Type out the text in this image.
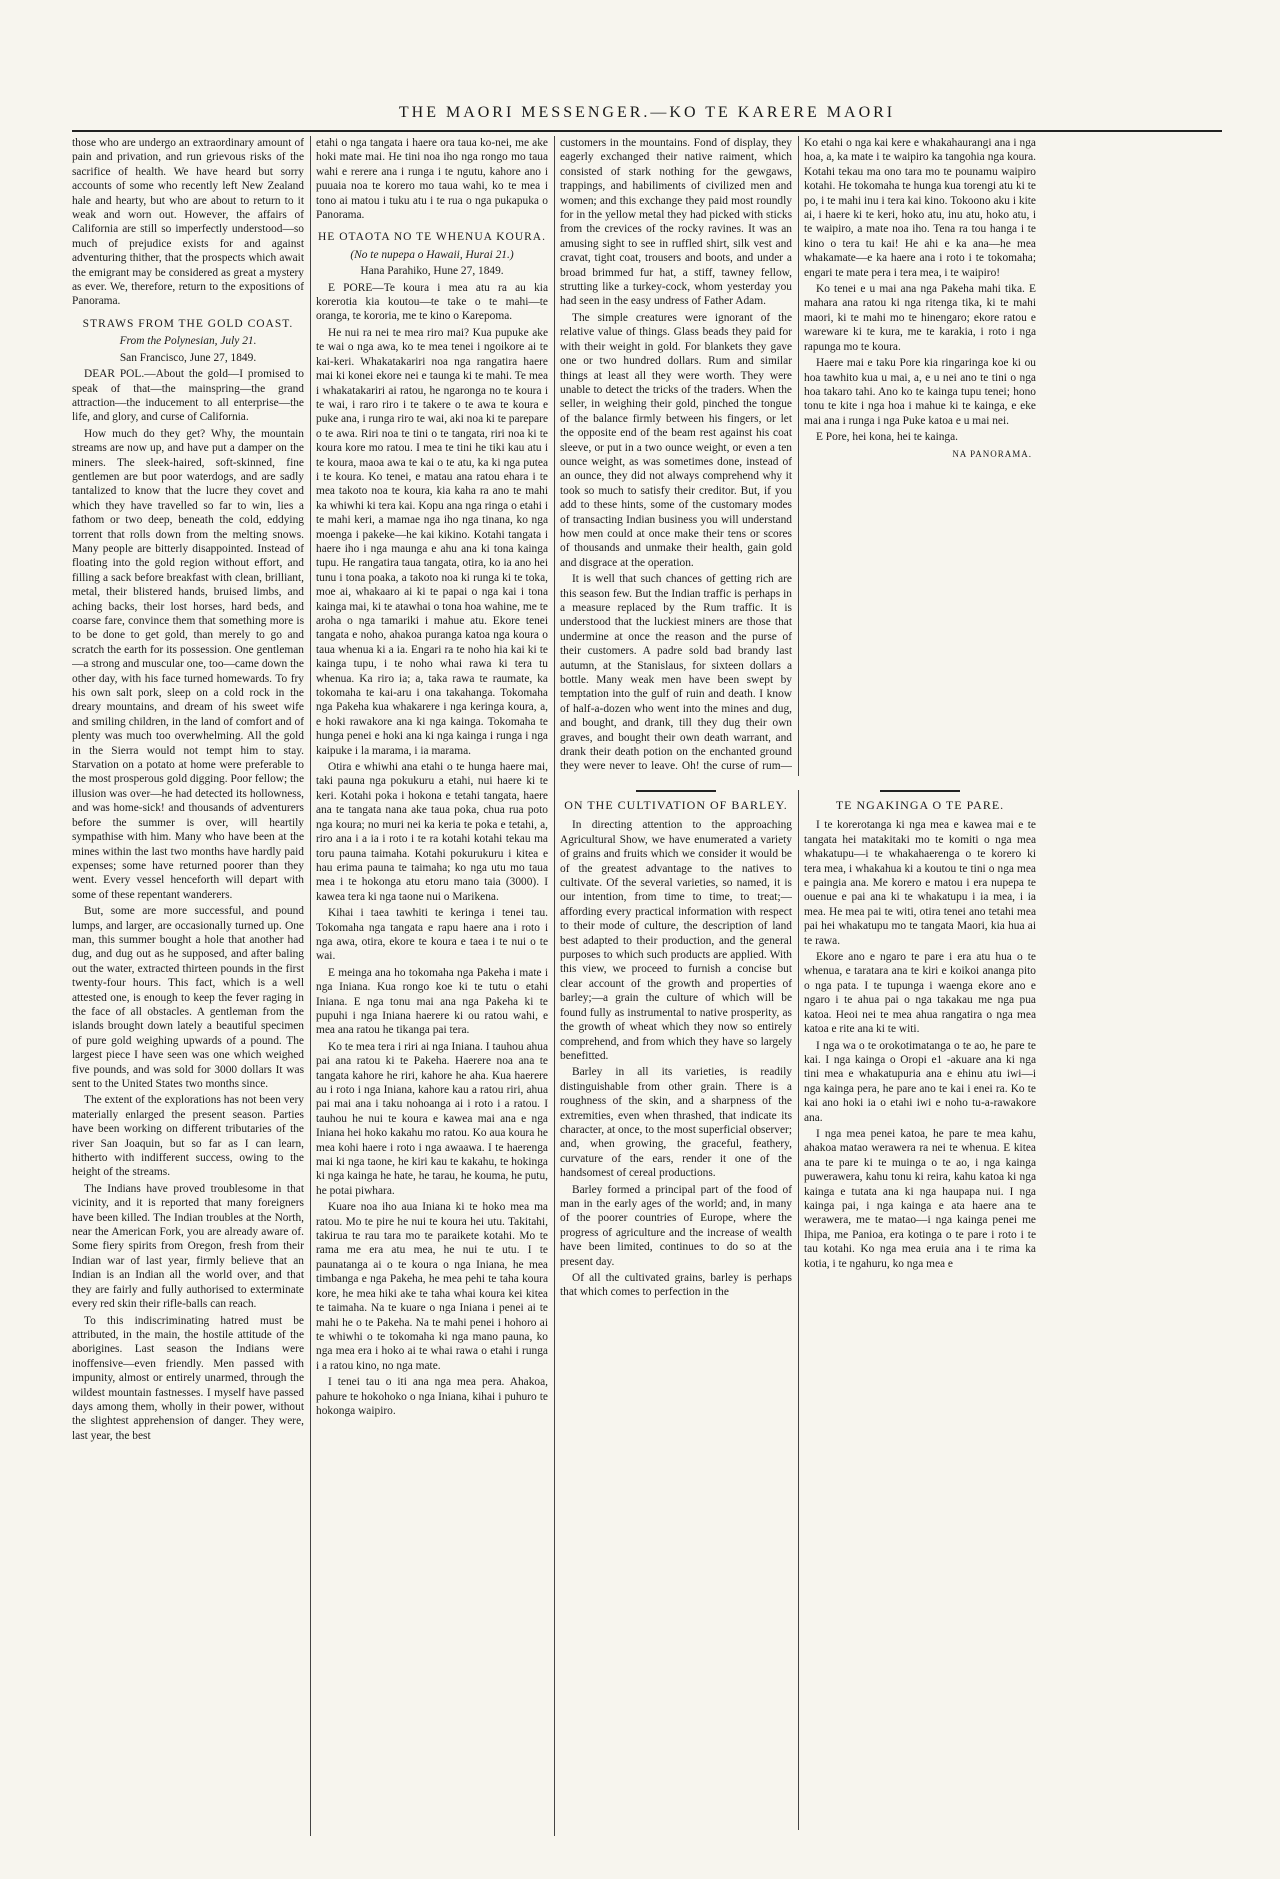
THE MAORI MESSENGER.—KO TE KARERE MAORI

those who are undergo an extraordinary amount of pain and privation, and run grievous risks of the sacrifice of health. We have heard but sorry accounts of some who recently left New Zealand hale and hearty, but who are about to return to it weak and worn out. However, the affairs of California are still so imperfectly understood—so much of prejudice exists for and against adventuring thither, that the prospects which await the emigrant may be considered as great a mystery as ever. We, therefore, return to the expositions of Panorama.

STRAWS FROM THE GOLD COAST.
From the Polynesian, July 21.
San Francisco, June 27, 1849.

DEAR POL.—About the gold—I promised to speak of that—the mainspring—the grand attraction—the inducement to all enterprise—the life, and glory, and curse of California.

How much do they get? Why, the mountain streams are now up, and have put a damper on the miners. The sleek-haired, soft-skinned, fine gentlemen are but poor waterdogs, and are sadly tantalized to know that the lucre they covet and which they have travelled so far to win, lies a fathom or two deep, beneath the cold, eddying torrent that rolls down from the melting snows. Many people are bitterly disappointed. Instead of floating into the gold region without effort, and filling a sack before breakfast with clean, brilliant, metal, their blistered hands, bruised limbs, and aching backs, their lost horses, hard beds, and coarse fare, convince them that something more is to be done to get gold, than merely to go and scratch the earth for its possession. One gentleman—a strong and muscular one, too—came down the other day, with his face turned homewards. To fry his own salt pork, sleep on a cold rock in the dreary mountains, and dream of his sweet wife and smiling children, in the land of comfort and of plenty was much too overwhelming. All the gold in the Sierra would not tempt him to stay. Starvation on a potato at home were preferable to the most prosperous gold digging. Poor fellow; the illusion was over—he had detected its hollowness, and was home-sick! and thousands of adventurers before the summer is over, will heartily sympathise with him. Many who have been at the mines within the last two months have hardly paid expenses; some have returned poorer than they went. Every vessel henceforth will depart with some of these repentant wanderers.

But, some are more successful, and pound lumps, and larger, are occasionally turned up. One man, this summer bought a hole that another had dug, and dug out as he supposed, and after baling out the water, extracted thirteen pounds in the first twenty-four hours. This fact, which is a well attested one, is enough to keep the fever raging in the face of all obstacles. A gentleman from the islands brought down lately a beautiful specimen of pure gold weighing upwards of a pound. The largest piece I have seen was one which weighed five pounds, and was sold for 3000 dollars It was sent to the United States two months since.

The extent of the explorations has not been very materially enlarged the present season. Parties have been working on different tributaries of the river San Joaquin, but so far as I can learn, hitherto with indifferent success, owing to the height of the streams.

The Indians have proved troublesome in that vicinity, and it is reported that many foreigners have been killed. The Indian troubles at the North, near the American Fork, you are already aware of. Some fiery spirits from Oregon, fresh from their Indian war of last year, firmly believe that an Indian is an Indian all the world over, and that they are fairly and fully authorised to exterminate every red skin their rifle-balls can reach.

To this indiscriminating hatred must be attributed, in the main, the hostile attitude of the aborigines. Last season the Indians were inoffensive—even friendly. Men passed with impunity, almost or entirely unarmed, through the wildest mountain fastnesses. I myself have passed days among them, wholly in their power, without the slightest apprehension of danger. They were, last year, the best

etahi o nga tangata i haere ora taua ko-nei, me ake hoki mate mai. He tini noa iho nga rongo mo taua wahi e rerere ana i runga i te ngutu, kahore ano i puuaia noa te korero mo taua wahi, ko te mea i tono ai matou i tuku atu i te rua o nga pukapuka o Panorama.

HE OTAOTA NO TE WHENUA KOURA.
(No te nupepa o Hawaii, Hurai 21.)
Hana Parahiko, Hune 27, 1849.

E PORE—Te koura i mea atu ra au kia korerotia kia koutou—te take o te mahi—te oranga, te kororia, me te kino o Karepoma.

He nui ra nei te mea riro mai? Kua pupuke ake te wai o nga awa, ko te mea tenei i ngoikore ai te kai-keri. Whakatakariri noa nga rangatira haere mai ki konei ekore nei e taunga ki te mahi. Te mea i whakatakariri ai ratou, he ngaronga no te koura i te wai, i raro riro i te takere o te awa te koura e puke ana, i runga riro te wai, aki noa ki te parepare o te awa. Riri noa te tini o te tangata, riri noa ki te koura kore mo ratou. I mea te tini he tiki kau atu i te koura, maoa awa te kai o te atu, ka ki nga putea i te koura. Ko tenei, e matau ana ratou ehara i te mea takoto noa te koura, kia kaha ra ano te mahi ka whiwhi ki tera kai. Kopu ana nga ringa o etahi i te mahi keri, a mamae nga iho nga tinana, ko nga moenga i pakeke—he kai kikino. Kotahi tangata i haere iho i nga maunga e ahu ana ki tona kainga tupu. He rangatira taua tangata, otira, ko ia ano hei tunu i tona poaka, a takoto noa ki runga ki te toka, moe ai, whakaaro ai ki te papai o nga kai i tona kainga mai, ki te atawhai o tona hoa wahine, me te aroha o nga tamariki i mahue atu. Ekore tenei tangata e noho, ahakoa puranga katoa nga koura o taua whenua ki a ia. Engari ra te noho hia kai ki te kainga tupu, i te noho whai rawa ki tera tu whenua. Ka riro ia; a, taka rawa te raumate, ka tokomaha te kai-aru i ona takahanga. Tokomaha nga Pakeha kua whakarere i nga keringa koura, a, e hoki rawakore ana ki nga kainga. Tokomaha te hunga penei e hoki ana ki nga kainga i runga i nga kaipuke i la marama, i ia marama.

Otira e whiwhi ana etahi o te hunga haere mai, taki pauna nga pokukuru a etahi, nui haere ki te keri. Kotahi poka i hokona e tetahi tangata, haere ana te tangata nana ake taua poka, chua rua poto nga koura; no muri nei ka keria te poka e tetahi, a, riro ana i a ia i roto i te ra kotahi kotahi tekau ma toru pauna taimaha. Kotahi pokurukuru i kitea e hau erima pauna te taimaha; ko nga utu mo taua mea i te hokonga atu etoru mano taia (3000). I kawea tera ki nga taone nui o Marikena.

Kihai i taea tawhiti te keringa i tenei tau. Tokomaha nga tangata e rapu haere ana i roto i nga awa, otira, ekore te koura e taea i te nui o te wai.

E meinga ana ho tokomaha nga Pakeha i mate i nga Iniana. Kua rongo koe ki te tutu o etahi Iniana. E nga tonu mai ana nga Pakeha ki te pupuhi i nga Iniana haerere ki ou ratou wahi, e mea ana ratou he tikanga pai tera.

Ko te mea tera i riri ai nga Iniana. I tauhou ahua pai ana ratou ki te Pakeha. Haerere noa ana te tangata kahore he riri, kahore he aha. Kua haerere au i roto i nga Iniana, kahore kau a ratou riri, ahua pai mai ana i taku nohoanga ai i roto i a ratou. I tauhou he nui te koura e kawea mai ana e nga Iniana hei hoko kakahu mo ratou. Ko aua koura he mea kohi haere i roto i nga awaawa. I te haerenga mai ki nga taone, he kiri kau te kakahu, te hokinga ki nga kainga he hate, he tarau, he kouma, he putu, he potai piwhara.

Kuare noa iho aua Iniana ki te hoko mea ma ratou. Mo te pire he nui te koura hei utu. Takitahi, takirua te rau tara mo te paraikete kotahi. Mo te rama me era atu mea, he nui te utu. I te paunatanga ai o te koura o nga Iniana, he mea timbanga e nga Pakeha, he mea pehi te taha koura kore, he mea hiki ake te taha whai koura kei kitea te taimaha. Na te kuare o nga Iniana i penei ai te mahi he o te Pakeha. Na te mahi penei i hohoro ai te whiwhi o te tokomaha ki nga mano pauna, ko nga mea era i hoko ai te whai rawa o etahi i runga i a ratou kino, no nga mate.

I tenei tau o iti ana nga mea pera. Ahakoa, pahure te hokohoko o nga Iniana, kihai i puhuro te hokonga waipiro.

customers in the mountains. Fond of display, they eagerly exchanged their native raiment, which consisted of stark nothing for the gewgaws, trappings, and habiliments of civilized men and women; and this exchange they paid most roundly for in the yellow metal they had picked with sticks from the crevices of the rocky ravines. It was an amusing sight to see in ruffled shirt, silk vest and cravat, tight coat, trousers and boots, and under a broad brimmed fur hat, a stiff, tawney fellow, strutting like a turkey-cock, whom yesterday you had seen in the easy undress of Father Adam.

The simple creatures were ignorant of the relative value of things. Glass beads they paid for with their weight in gold. For blankets they gave one or two hundred dollars. Rum and similar things at least all they were worth. They were unable to detect the tricks of the traders. When the seller, in weighing their gold, pinched the tongue of the balance firmly between his fingers, or let the opposite end of the beam rest against his coat sleeve, or put in a two ounce weight, or even a ten ounce weight, as was sometimes done, instead of an ounce, they did not always comprehend why it took so much to satisfy their creditor. But, if you add to these hints, some of the customary modes of transacting Indian business you will understand how men could at once make their tens or scores of thousands and unmake their health, gain gold and disgrace at the operation.

It is well that such chances of getting rich are this season few. But the Indian traffic is perhaps in a measure replaced by the Rum traffic. It is understood that the luckiest miners are those that undermine at once the reason and the purse of their customers. A padre sold bad brandy last autumn, at the Stanislaus, for sixteen dollars a bottle. Many weak men have been swept by temptation into the gulf of ruin and death. I know of half-a-dozen who went into the mines and dug, and bought, and drank, till they dug their own graves, and bought their own death warrant, and drank their death potion on the enchanted ground they were never to leave. Oh! the curse of rum—

Ko etahi o nga kai kere e whakahaurangi ana i nga hoa, a, ka mate i te waipiro ka tangohia nga koura. Kotahi tekau ma ono tara mo te pounamu waipiro kotahi. He tokomaha te hunga kua torengi atu ki te po, i te mahi inu i tera kai kino. Tokoono aku i kite ai, i haere ki te keri, hoko atu, inu atu, hoko atu, i te waipiro, a mate noa iho. Tena ra tou hanga i te kino o tera tu kai! He ahi e ka ana—he mea whakamate—e ka haere ana i roto i te tokomaha; engari te mate pera i tera mea, i te waipiro!

Ko tenei e u mai ana nga Pakeha mahi tika. E mahara ana ratou ki nga ritenga tika, ki te mahi maori, ki te mahi mo te hinengaro; ekore ratou e wareware ki te kura, me te karakia, i roto i nga rapunga mo te koura.

Haere mai e taku Pore kia ringaringa koe ki ou hoa tawhito kua u mai, a, e u nei ano te tini o nga hoa takaro tahi. Ano ko te kainga tupu tenei; hono tonu te kite i nga hoa i mahue ki te kainga, e eke mai ana i runga i nga Puke katoa e u mai nei.

E Pore, hei kona, hei te kainga.

NA PANORAMA.
ON THE CULTIVATION OF BARLEY.

In directing attention to the approaching Agricultural Show, we have enumerated a variety of grains and fruits which we consider it would be of the greatest advantage to the natives to cultivate. Of the several varieties, so named, it is our intention, from time to time, to treat;—affording every practical information with respect to their mode of culture, the description of land best adapted to their production, and the general purposes to which such products are applied. With this view, we proceed to furnish a concise but clear account of the growth and properties of barley;—a grain the culture of which will be found fully as instrumental to native prosperity, as the growth of wheat which they now so entirely comprehend, and from which they have so largely benefitted.

Barley in all its varieties, is readily distinguishable from other grain. There is a roughness of the skin, and a sharpness of the extremities, even when thrashed, that indicate its character, at once, to the most superficial observer; and, when growing, the graceful, feathery, curvature of the ears, render it one of the handsomest of cereal productions.

Barley formed a principal part of the food of man in the early ages of the world; and, in many of the poorer countries of Europe, where the progress of agriculture and the increase of wealth have been limited, continues to do so at the present day.

Of all the cultivated grains, barley is perhaps that which comes to perfection in the

TE NGAKINGA O TE PARE.

I te korerotanga ki nga mea e kawea mai e te tangata hei matakitaki mo te komiti o nga mea whakatupu—i te whakahaerenga o te korero ki tera mea, i whakahua ki a koutou te tini o nga mea e paingia ana. Me korero e matou i era nupepa te ouenue e pai ana ki te whakatupu i ia mea, i ia mea. He mea pai te witi, otira tenei ano tetahi mea pai hei whakatupu mo te tangata Maori, kia hua ai te rawa.

Ekore ano e ngaro te pare i era atu hua o te whenua, e taratara ana te kiri e koikoi ananga pito o nga pata. I te tupunga i waenga ekore ano e ngaro i te ahua pai o nga takakau me nga pua katoa. Heoi nei te mea ahua rangatira o nga mea katoa e rite ana ki te witi.

I nga wa o te orokotimatanga o te ao, he pare te kai. I nga kainga o Oropi e1 -akuare ana ki nga tini mea e whakatupuria ana e ehinu atu iwi—i nga kainga pera, he pare ano te kai i enei ra. Ko te kai ano hoki ia o etahi iwi e noho tu-a-rawakore ana.

I nga mea penei katoa, he pare te mea kahu, ahakoa matao werawera ra nei te whenua. E kitea ana te pare ki te muinga o te ao, i nga kainga puwerawera, kahu tonu ki reira, kahu katoa ki nga kainga e tutata ana ki nga haupapa nui. I nga kainga pai, i nga kainga e ata haere ana te werawera, me te matao—i nga kainga penei me Ihipa, me Panioa, era kotinga o te pare i roto i te tau kotahi. Ko nga mea eruia ana i te rima ka kotia, i te ngahuru, ko nga mea e
